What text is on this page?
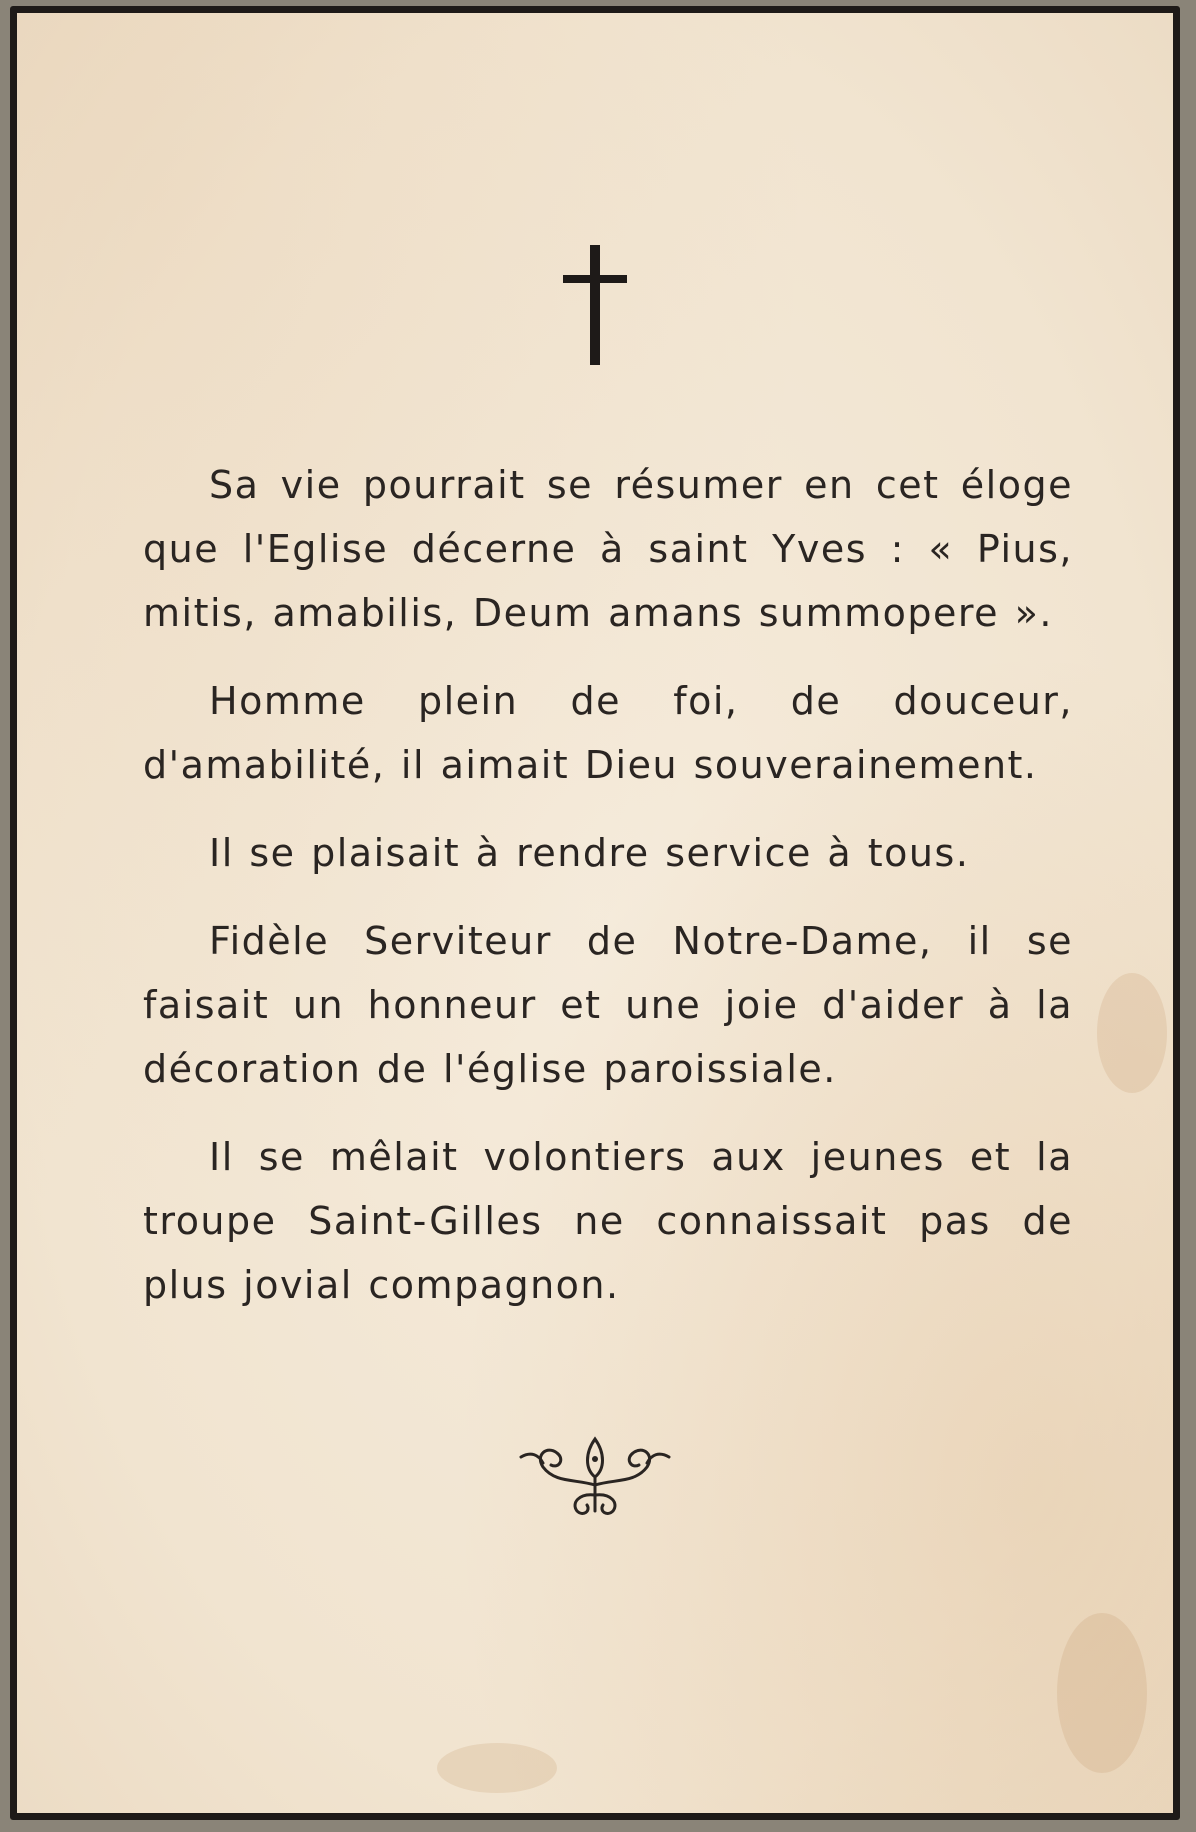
Sa vie pourrait se résumer en cet éloge que l'Eglise décerne à saint Yves : « Pius, mitis, amabilis, Deum amans summopere ».

Homme plein de foi, de douceur, d'amabilité, il aimait Dieu souverainement.

Il se plaisait à rendre service à tous.

Fidèle Serviteur de Notre-Dame, il se faisait un honneur et une joie d'aider à la décoration de l'église paroissiale.

Il se mêlait volontiers aux jeunes et la troupe Saint-Gilles ne connaissait pas de plus jovial compagnon.
